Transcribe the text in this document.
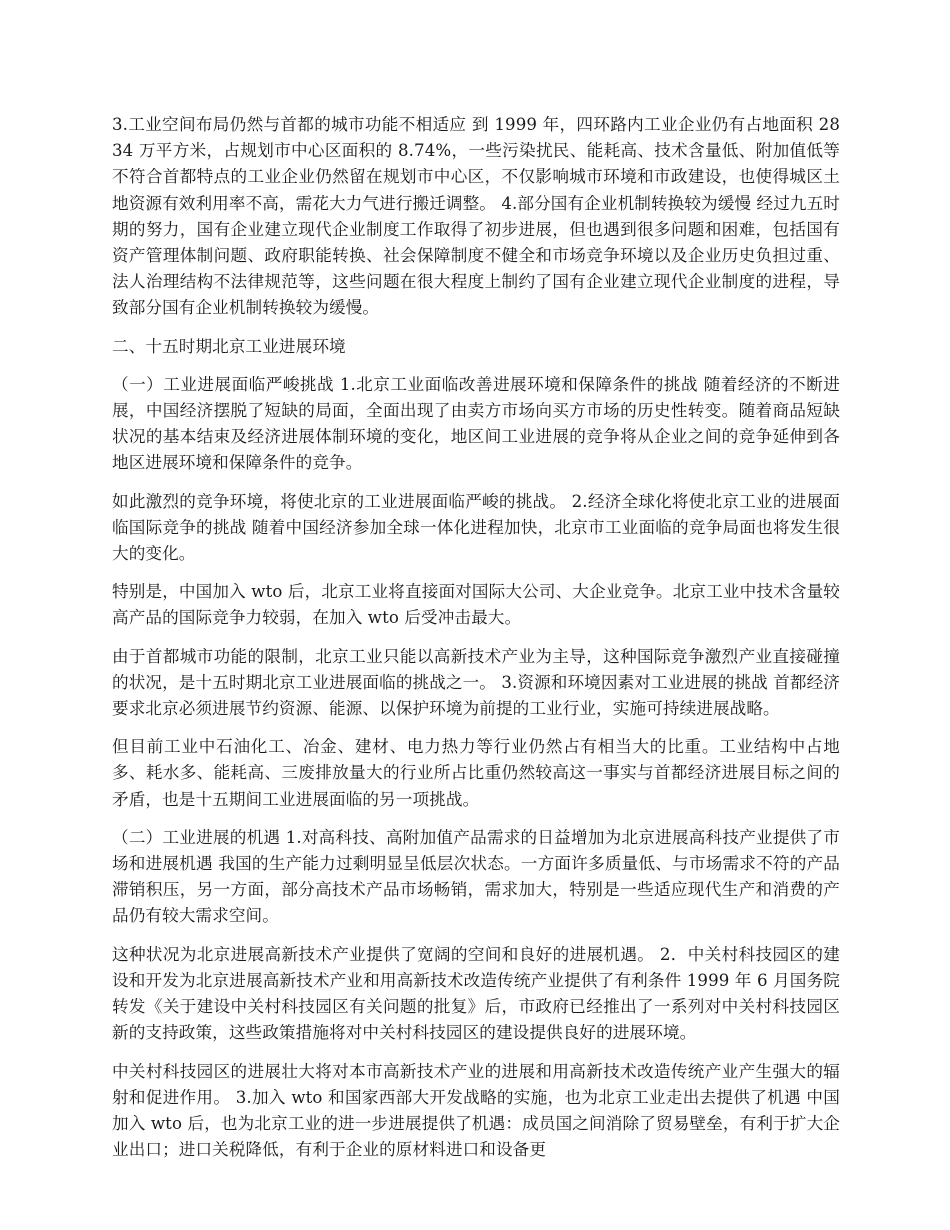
3.工业空间布局仍然与首都的城市功能不相适应 到 1999 年，四环路内工业企业仍有占地面积 2834 万平方米，占规划市中心区面积的 8.74%，一些污染扰民、能耗高、技术含量低、附加值低等不符合首都特点的工业企业仍然留在规划市中心区，不仅影响城市环境和市政建设，也使得城区土地资源有效利用率不高，需花大力气进行搬迁调整。 4.部分国有企业机制转换较为缓慢 经过九五时期的努力，国有企业建立现代企业制度工作取得了初步进展，但也遇到很多问题和困难，包括国有资产管理体制问题、政府职能转换、社会保障制度不健全和市场竞争环境以及企业历史负担过重、法人治理结构不法律规范等，这些问题在很大程度上制约了国有企业建立现代企业制度的进程，导致部分国有企业机制转换较为缓慢。

二、十五时期北京工业进展环境

（一）工业进展面临严峻挑战 1.北京工业面临改善进展环境和保障条件的挑战 随着经济的不断进展，中国经济摆脱了短缺的局面，全面出现了由卖方市场向买方市场的历史性转变。随着商品短缺状况的基本结束及经济进展体制环境的变化，地区间工业进展的竞争将从企业之间的竞争延伸到各地区进展环境和保障条件的竞争。

如此激烈的竞争环境，将使北京的工业进展面临严峻的挑战。 2.经济全球化将使北京工业的进展面临国际竞争的挑战 随着中国经济参加全球一体化进程加快，北京市工业面临的竞争局面也将发生很大的变化。

特别是，中国加入 wto 后，北京工业将直接面对国际大公司、大企业竞争。北京工业中技术含量较高产品的国际竞争力较弱，在加入 wto 后受冲击最大。

由于首都城市功能的限制，北京工业只能以高新技术产业为主导，这种国际竞争激烈产业直接碰撞的状况，是十五时期北京工业进展面临的挑战之一。 3.资源和环境因素对工业进展的挑战 首都经济要求北京必须进展节约资源、能源、以保护环境为前提的工业行业，实施可持续进展战略。

但目前工业中石油化工、冶金、建材、电力热力等行业仍然占有相当大的比重。工业结构中占地多、耗水多、能耗高、三废排放量大的行业所占比重仍然较高这一事实与首都经济进展目标之间的矛盾，也是十五期间工业进展面临的另一项挑战。

（二）工业进展的机遇 1.对高科技、高附加值产品需求的日益增加为北京进展高科技产业提供了市场和进展机遇 我国的生产能力过剩明显呈低层次状态。一方面许多质量低、与市场需求不符的产品滞销积压，另一方面，部分高技术产品市场畅销，需求加大，特别是一些适应现代生产和消费的产品仍有较大需求空间。

这种状况为北京进展高新技术产业提供了宽阔的空间和良好的进展机遇。 2．中关村科技园区的建设和开发为北京进展高新技术产业和用高新技术改造传统产业提供了有利条件 1999 年 6 月国务院转发《关于建设中关村科技园区有关问题的批复》后，市政府已经推出了一系列对中关村科技园区新的支持政策，这些政策措施将对中关村科技园区的建设提供良好的进展环境。

中关村科技园区的进展壮大将对本市高新技术产业的进展和用高新技术改造传统产业产生强大的辐射和促进作用。 3.加入 wto 和国家西部大开发战略的实施，也为北京工业走出去提供了机遇 中国加入 wto 后，也为北京工业的进一步进展提供了机遇：成员国之间消除了贸易壁垒，有利于扩大企业出口；进口关税降低，有利于企业的原材料进口和设备更
